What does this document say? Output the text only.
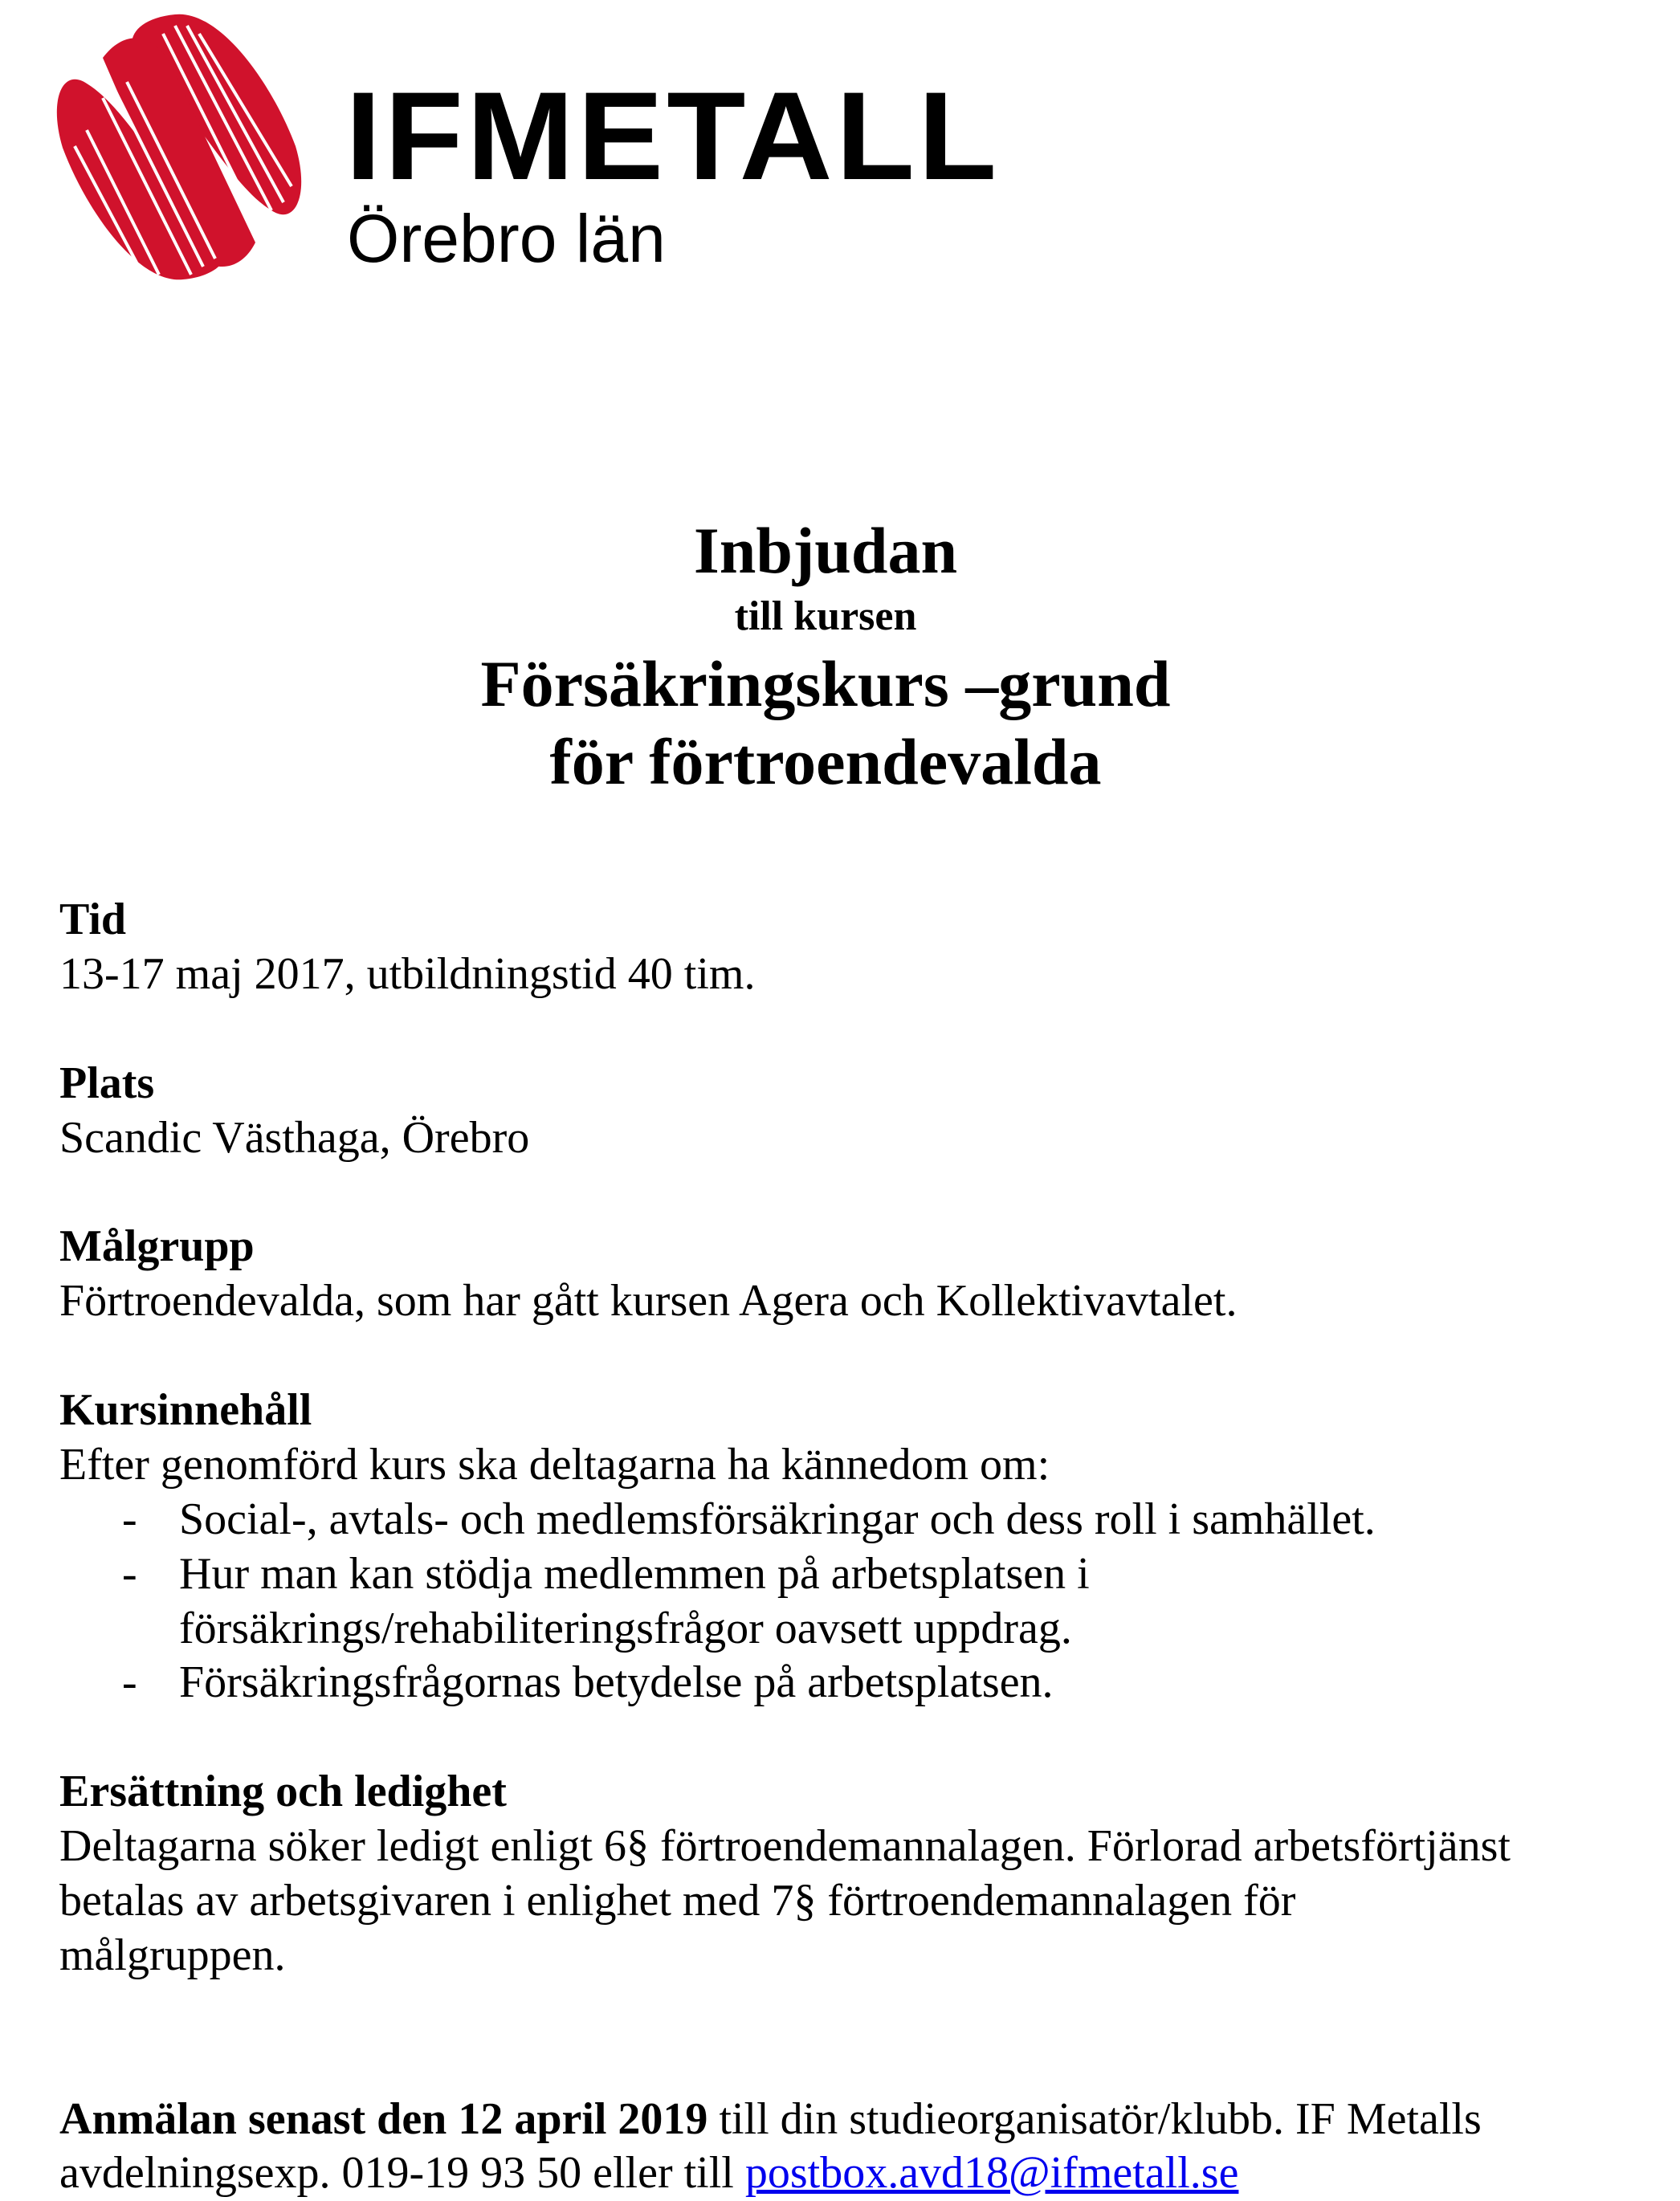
IFMETALL
Örebro län
Inbjudan
till kursen
Försäkringskurs –grund
för förtroendevalda
Tid
13-17 maj 2017, utbildningstid 40 tim.
Plats
Scandic Västhaga, Örebro
Målgrupp
Förtroendevalda, som har gått kursen Agera och Kollektivavtalet.
Kursinnehåll
Efter genomförd kurs ska deltagarna ha kännedom om:
- Social-, avtals- och medlemsförsäkringar och dess roll i samhället.
- Hur man kan stödja medlemmen på arbetsplatsen i
försäkrings/rehabiliteringsfrågor oavsett uppdrag.
- Försäkringsfrågornas betydelse på arbetsplatsen.
Ersättning och ledighet
Deltagarna söker ledigt enligt 6§ förtroendemannalagen. Förlorad arbetsförtjänst
betalas av arbetsgivaren i enlighet med 7§ förtroendemannalagen för
målgruppen.
Anmälan senast den 12 april 2019 till din studieorganisatör/klubb. IF Metalls
avdelningsexp. 019-19 93 50 eller till postbox.avd18@ifmetall.se
